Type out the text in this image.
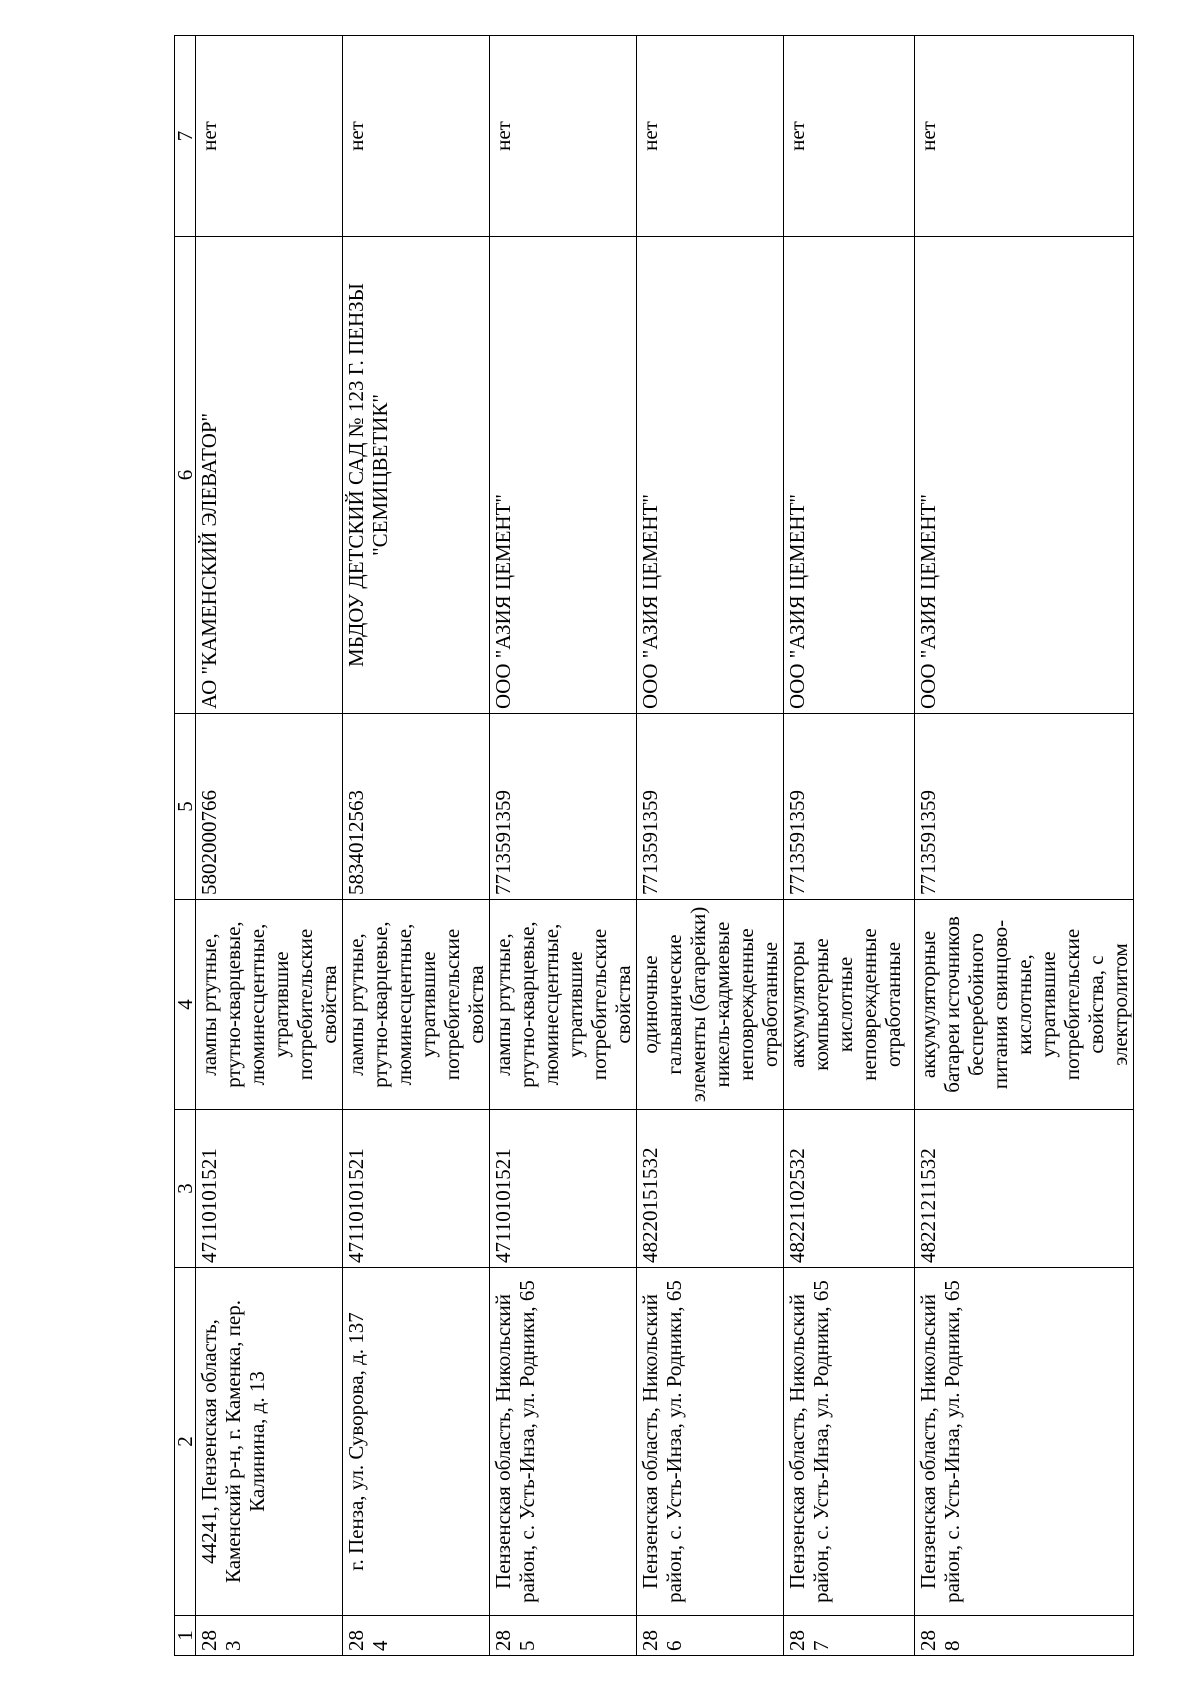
1	2	3	4	5	6	7
283	44241, Пензенская область, Каменский р-н, г. Каменка, пер. Калинина, д. 13	47110101521	лампы ртутные, ртутно-кварцевые, люминесцентные, утратившие потребительские свойства	5802000766	АО "КАМЕНСКИЙ ЭЛЕВАТОР"	нет
284	г. Пенза, ул. Суворова, д. 137	47110101521	лампы ртутные, ртутно-кварцевые, люминесцентные, утратившие потребительские свойства	5834012563	МБДОУ ДЕТСКИЙ САД № 123 Г. ПЕНЗЫ "СЕМИЦВЕТИК"	нет
285	Пензенская область, Никольский район, с. Усть-Инза, ул. Родники, 65	47110101521	лампы ртутные, ртутно-кварцевые, люминесцентные, утратившие потребительские свойства	7713591359	ООО "АЗИЯ ЦЕМЕНТ"	нет
286	Пензенская область, Никольский район, с. Усть-Инза, ул. Родники, 65	48220151532	одиночные гальванические элементы (батарейки) никель-кадмиевые неповрежденные отработанные	7713591359	ООО "АЗИЯ ЦЕМЕНТ"	нет
287	Пензенская область, Никольский район, с. Усть-Инза, ул. Родники, 65	48221102532	аккумуляторы компьютерные кислотные неповрежденные отработанные	7713591359	ООО "АЗИЯ ЦЕМЕНТ"	нет
288	Пензенская область, Никольский район, с. Усть-Инза, ул. Родники, 65	48221211532	аккумуляторные батареи источников бесперебойного питания свинцово-кислотные, утратившие потребительские свойства, с электролитом	7713591359	ООО "АЗИЯ ЦЕМЕНТ"	нет
